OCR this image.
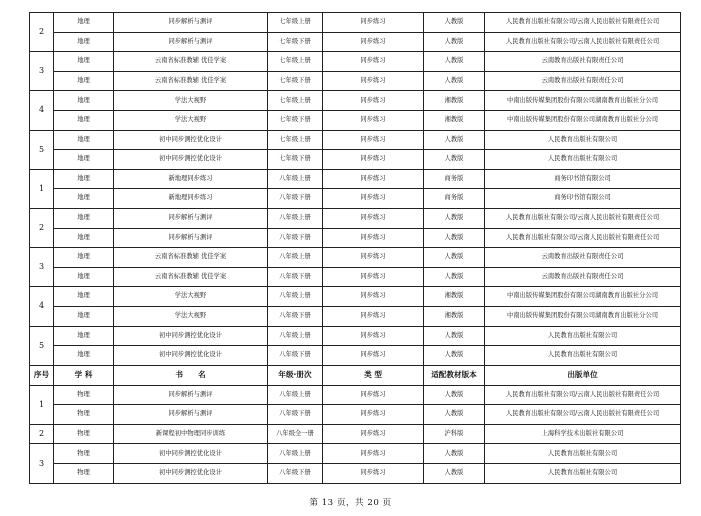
2	地理	同步解析与测评	七年级上册	同步练习	人教版	人民教育出版社有限公司/云南人民出版社有限责任公司
	地理	同步解析与测评	七年级下册	同步练习	人教版	人民教育出版社有限公司/云南人民出版社有限责任公司
3	地理	云南省标准教辅 优佳学案	七年级上册	同步练习	人教版	云南教育出版社有限责任公司
	地理	云南省标准教辅 优佳学案	七年级下册	同步练习	人教版	云南教育出版社有限责任公司
4	地理	学法大视野	七年级上册	同步练习	湘教版	中南出版传媒集团股份有限公司湖南教育出版社分公司
	地理	学法大视野	七年级下册	同步练习	湘教版	中南出版传媒集团股份有限公司湖南教育出版社分公司
5	地理	初中同步测控优化设计	七年级上册	同步练习	人教版	人民教育出版社有限公司
	地理	初中同步测控优化设计	七年级下册	同步练习	人教版	人民教育出版社有限公司
1	地理	新地理同步练习	八年级上册	同步练习	商务版	商务印书馆有限公司
	地理	新地理同步练习	八年级下册	同步练习	商务版	商务印书馆有限公司
2	地理	同步解析与测评	八年级上册	同步练习	人教版	人民教育出版社有限公司/云南人民出版社有限责任公司
	地理	同步解析与测评	八年级下册	同步练习	人教版	人民教育出版社有限公司/云南人民出版社有限责任公司
3	地理	云南省标准教辅 优佳学案	八年级上册	同步练习	人教版	云南教育出版社有限责任公司
	地理	云南省标准教辅 优佳学案	八年级下册	同步练习	人教版	云南教育出版社有限责任公司
4	地理	学法大视野	八年级上册	同步练习	湘教版	中南出版传媒集团股份有限公司湖南教育出版社分公司
	地理	学法大视野	八年级下册	同步练习	湘教版	中南出版传媒集团股份有限公司湖南教育出版社分公司
5	地理	初中同步测控优化设计	八年级上册	同步练习	人教版	人民教育出版社有限公司
	地理	初中同步测控优化设计	八年级下册	同步练习	人教版	人民教育出版社有限公司
序号	学 科	书　　名	年级·册次	类 型	适配教材版本	出版单位
1	物理	同步解析与测评	八年级上册	同步练习	人教版	人民教育出版社有限公司/云南人民出版社有限责任公司
	物理	同步解析与测评	八年级下册	同步练习	人教版	人民教育出版社有限公司/云南人民出版社有限责任公司
2	物理	新课程初中物理同步训练	八年级全一册	同步练习	沪科版	上海科学技术出版社有限公司
3	物理	初中同步测控优化设计	八年级上册	同步练习	人教版	人民教育出版社有限公司
	物理	初中同步测控优化设计	八年级下册	同步练习	人教版	人民教育出版社有限公司
第 13 页，共 20 页
